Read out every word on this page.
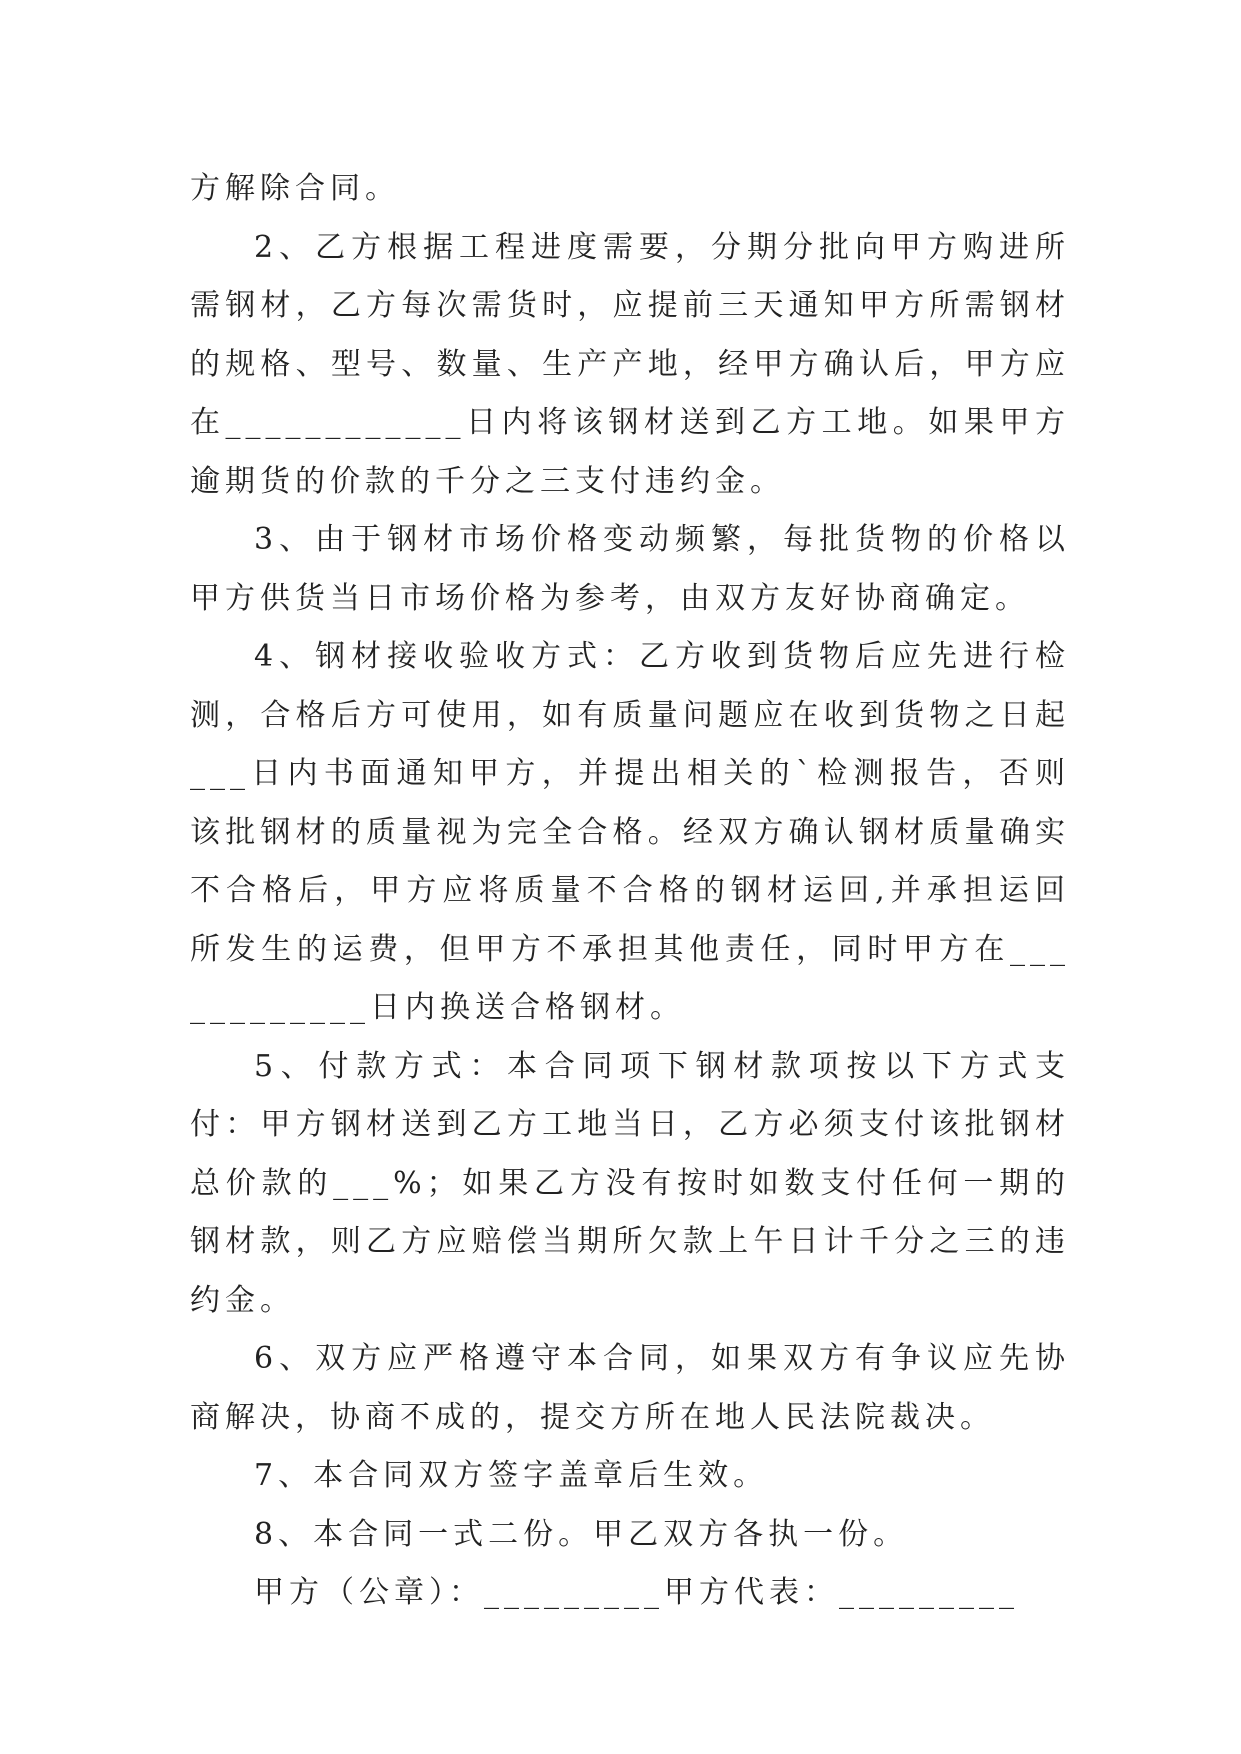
方解除合同。

2、乙方根据工程进度需要，分期分批向甲方购进所需钢材，乙方每次需货时，应提前三天通知甲方所需钢材的规格、型号、数量、生产产地，经甲方确认后，甲方应在____________日内将该钢材送到乙方工地。如果甲方逾期货的价款的千分之三支付违约金。

3、由于钢材市场价格变动频繁，每批货物的价格以甲方供货当日市场价格为参考，由双方友好协商确定。

4、钢材接收验收方式：乙方收到货物后应先进行检测，合格后方可使用，如有质量问题应在收到货物之日起___日内书面通知甲方，并提出相关的`检测报告，否则该批钢材的质量视为完全合格。经双方确认钢材质量确实不合格后，甲方应将质量不合格的钢材运回,并承担运回所发生的运费，但甲方不承担其他责任，同时甲方在____________日内换送合格钢材。

5、付款方式：本合同项下钢材款项按以下方式支付：甲方钢材送到乙方工地当日，乙方必须支付该批钢材总价款的___%；如果乙方没有按时如数支付任何一期的钢材款，则乙方应赔偿当期所欠款上午日计千分之三的违约金。

6、双方应严格遵守本合同，如果双方有争议应先协商解决，协商不成的，提交方所在地人民法院裁决。

7、本合同双方签字盖章后生效。

8、本合同一式二份。甲乙双方各执一份。

甲方（公章）：_________甲方代表：_________
